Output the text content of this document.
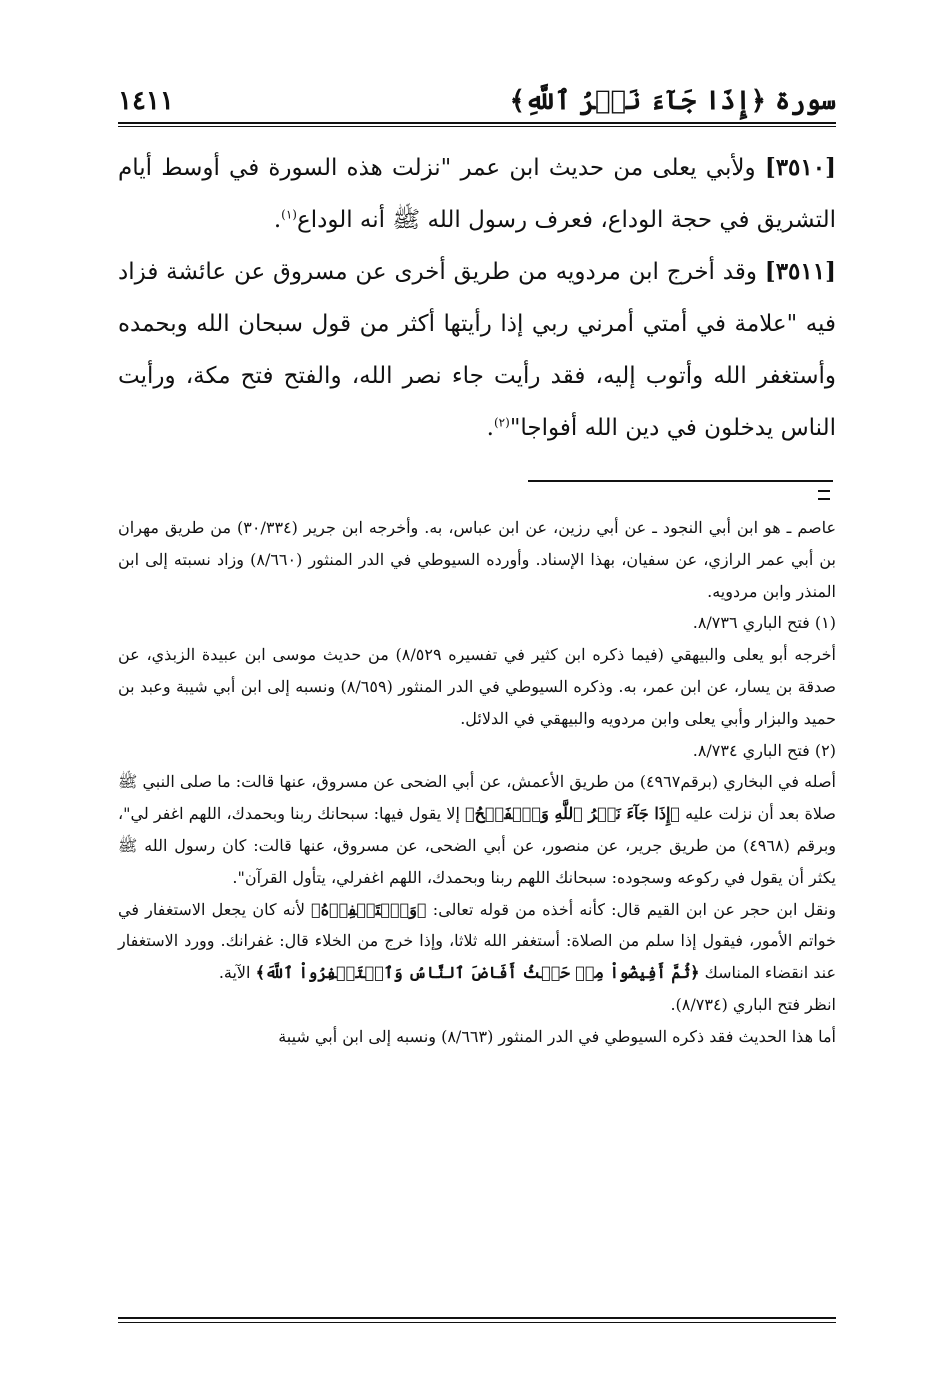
سورة ﴿إِذَا جَآءَ نَصۡرُ ٱللَّهِ﴾
١٤١١

[٣٥١٠] ولأبي يعلى من حديث ابن عمر "نزلت هذه السورة في أوسط أيام التشريق في حجة الوداع، فعرف رسول الله ﷺ أنه الوداع$^{(١)}$.

[٣٥١١] وقد أخرج ابن مردويه من طريق أخرى عن مسروق عن عائشة فزاد فيه "علامة في أمتي أمرني ربي إذا رأيتها أكثر من قول سبحان الله وبحمده وأستغفر الله وأتوب إليه، فقد رأيت جاء نصر الله، والفتح فتح مكة، ورأيت الناس يدخلون في دين الله أفواجا"$^{(٢)}$.

عاصم ـ هو ابن أبي النجود ـ عن أبي رزين، عن ابن عباس، به. وأخرجه ابن جرير (٣٠/٣٣٤) من طريق مهران بن أبي عمر الرازي، عن سفيان، بهذا الإسناد. وأورده السيوطي في الدر المنثور (٨/٦٦٠) وزاد نسبته إلى ابن المنذر وابن مردويه.

(١) فتح الباري ٨/٧٣٦.

أخرجه أبو يعلى والبيهقي (فيما ذكره ابن كثير في تفسيره ٨/٥٢٩) من حديث موسى ابن عبيدة الزبذي، عن صدقة بن يسار، عن ابن عمر، به. وذكره السيوطي في الدر المنثور (٨/٦٥٩) ونسبه إلى ابن أبي شيبة وعبد بن حميد والبزار وأبي يعلى وابن مردويه والبيهقي في الدلائل.

(٢) فتح الباري ٨/٧٣٤.

أصله في البخاري (برقم٤٩٦٧) من طريق الأعمش، عن أبي الضحى عن مسروق، عنها قالت: ما صلى النبي ﷺ صلاة بعد أن نزلت عليه ﴿إِذَا جَآءَ نَصۡرُ ٱللَّهِ وَٱلۡفَتۡحُ﴾ إلا يقول فيها: سبحانك ربنا وبحمدك، اللهم اغفر لي"، وبرقم (٤٩٦٨) من طريق جرير، عن منصور، عن أبي الضحى، عن مسروق، عنها قالت: كان رسول الله ﷺ يكثر أن يقول في ركوعه وسجوده: سبحانك اللهم ربنا وبحمدك، اللهم اغفرلي، يتأول القرآن".

ونقل ابن حجر عن ابن القيم قال: كأنه أخذه من قوله تعالى: ﴿وَٱسۡتَغۡفِرۡهُ﴾ لأنه كان يجعل الاستغفار في خواتم الأمور، فيقول إذا سلم من الصلاة: أستغفر الله ثلاثا، وإذا خرج من الخلاء قال: غفرانك. وورد الاستغفار عند انقضاء المناسك ﴿ثُمَّ أَفِيضُواْ مِنۡ حَيۡثُ أَفَاضَ ٱلنَّاسُ وَٱسۡتَغۡفِرُواْ ٱللَّهَ﴾ الآية.

انظر فتح الباري (٨/٧٣٤).

أما هذا الحديث فقد ذكره السيوطي في الدر المنثور (٨/٦٦٣) ونسبه إلى ابن أبي شيبة
